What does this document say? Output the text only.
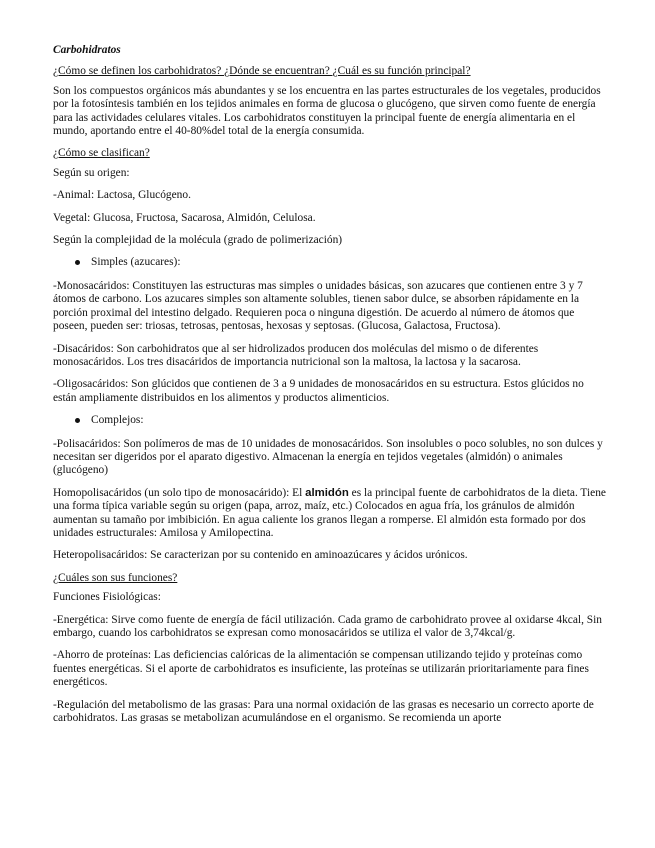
Carbohidratos

¿Cómo se definen los carbohidratos? ¿Dónde se encuentran? ¿Cuál es su función principal?

Son los compuestos orgánicos más abundantes y se los encuentra en las partes estructurales de los vegetales, producidos por la fotosíntesis también en los tejidos animales en forma de glucosa o glucógeno, que sirven como fuente de energía para las actividades celulares vitales. Los carbohidratos constituyen la principal fuente de energía alimentaria en el mundo, aportando entre el 40-80%del total de la energía consumida.

¿Cómo se clasifican?

Según su origen:

-Animal: Lactosa, Glucógeno.

Vegetal: Glucosa, Fructosa, Sacarosa, Almidón, Celulosa.

Según la complejidad de la molécula (grado de polimerización)

Simples (azucares):

-Monosacáridos: Constituyen las estructuras mas simples o unidades básicas, son azucares que contienen entre 3 y 7 átomos de carbono. Los azucares simples son altamente solubles, tienen sabor dulce, se absorben rápidamente en la porción proximal del intestino delgado. Requieren poca o ninguna digestión. De acuerdo al número de átomos que poseen, pueden ser: triosas, tetrosas, pentosas, hexosas y septosas. (Glucosa, Galactosa, Fructosa).

-Disacáridos: Son carbohidratos que al ser hidrolizados producen dos moléculas del mismo o de diferentes monosacáridos. Los tres disacáridos de importancia nutricional son la maltosa, la lactosa y la sacarosa.

-Oligosacáridos: Son glúcidos que contienen de 3 a 9 unidades de monosacáridos en su estructura. Estos glúcidos no están ampliamente distribuidos en los alimentos y productos alimenticios.

Complejos:

-Polisacáridos: Son polímeros de mas de 10 unidades de monosacáridos. Son insolubles o poco solubles, no son dulces y necesitan ser digeridos por el aparato digestivo. Almacenan la energía en tejidos vegetales (almidón) o animales (glucógeno)

Homopolisacáridos (un solo tipo de monosacárido): El almidón es la principal fuente de carbohidratos de la dieta. Tiene una forma típica variable según su origen (papa, arroz, maíz, etc.) Colocados en agua fría, los gránulos de almidón aumentan su tamaño por imbibición. En agua caliente los granos llegan a romperse. El almidón esta formado por dos unidades estructurales: Amilosa y Amilopectina.

Heteropolisacáridos: Se caracterizan por su contenido en aminoazúcares y ácidos urónicos.

¿Cuáles son sus funciones?

Funciones Fisiológicas:

-Energética: Sirve como fuente de energía de fácil utilización. Cada gramo de carbohidrato provee al oxidarse 4kcal, Sin embargo, cuando los carbohidratos se expresan como monosacáridos se utiliza el valor de 3,74kcal/g.

-Ahorro de proteínas: Las deficiencias calóricas de la alimentación se compensan utilizando tejido y proteínas como fuentes energéticas. Si el aporte de carbohidratos es insuficiente, las proteínas se utilizarán prioritariamente para fines energéticos.

-Regulación del metabolismo de las grasas: Para una normal oxidación de las grasas es necesario un correcto aporte de carbohidratos. Las grasas se metabolizan acumulándose en el organismo. Se recomienda un aporte
